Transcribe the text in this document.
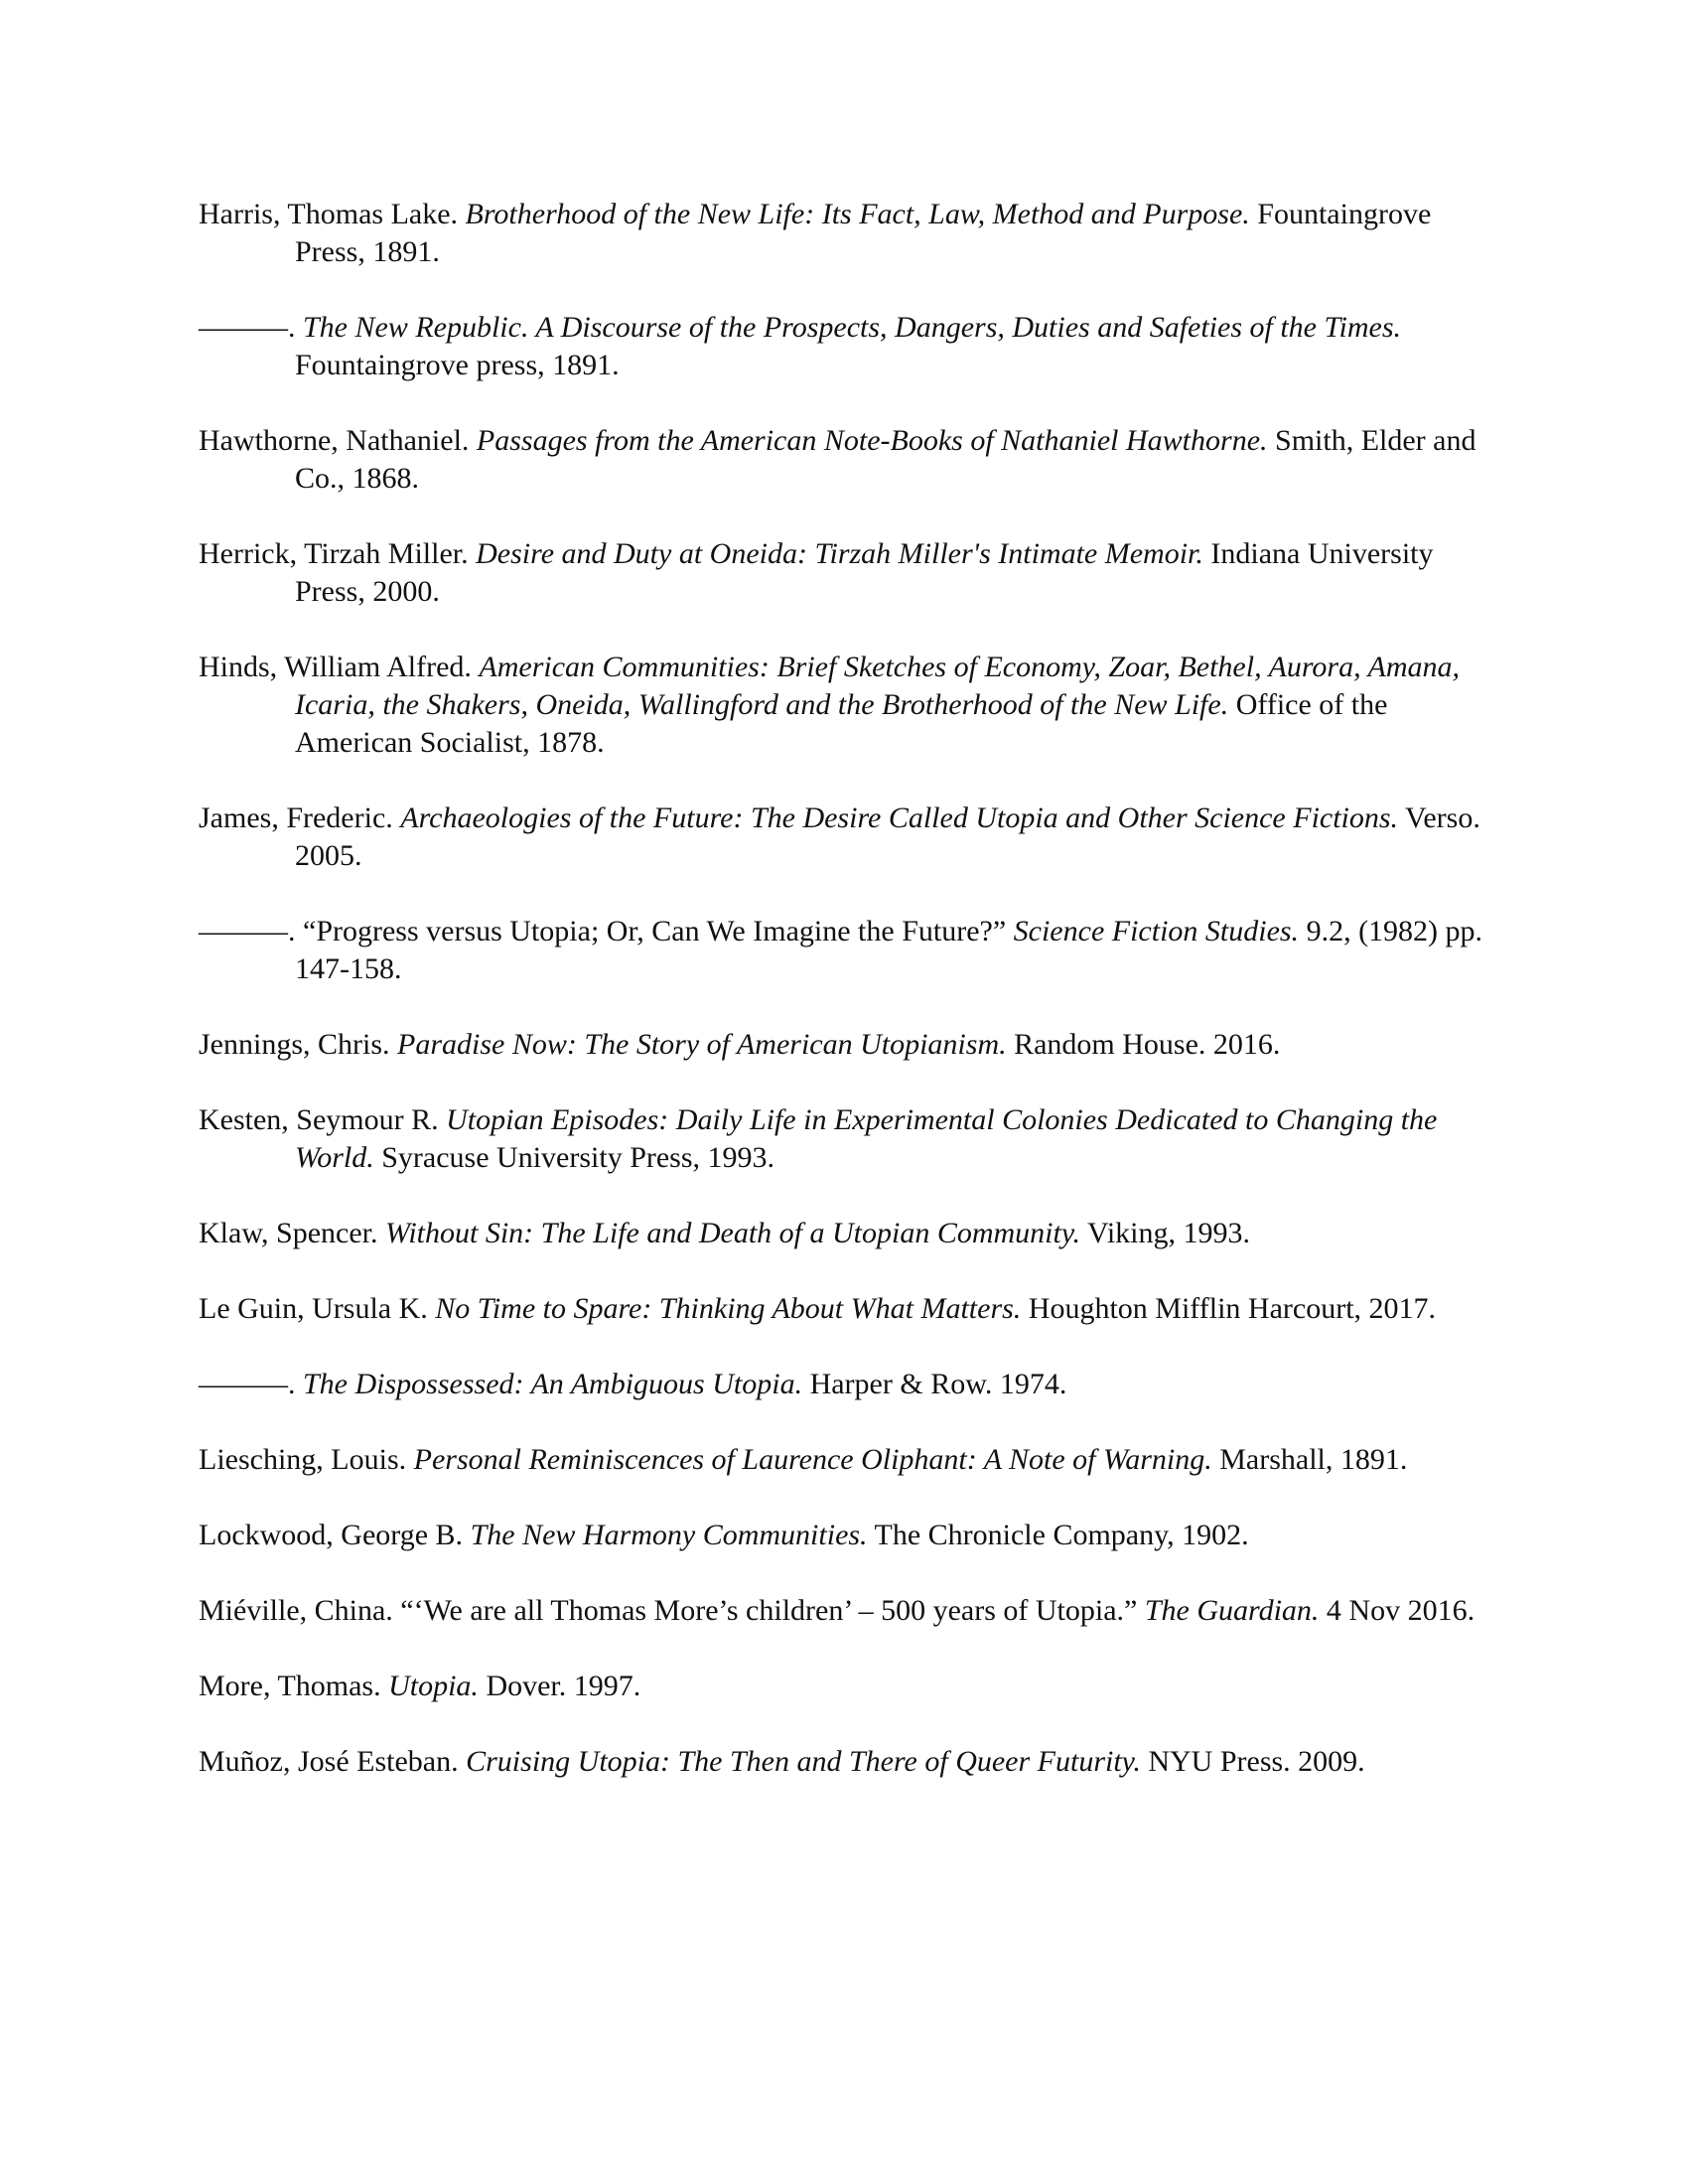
Harris, Thomas Lake. Brotherhood of the New Life: Its Fact, Law, Method and Purpose. Fountaingrove Press, 1891.

———. The New Republic. A Discourse of the Prospects, Dangers, Duties and Safeties of the Times. Fountaingrove press, 1891.

Hawthorne, Nathaniel. Passages from the American Note-Books of Nathaniel Hawthorne. Smith, Elder and Co., 1868.

Herrick, Tirzah Miller. Desire and Duty at Oneida: Tirzah Miller's Intimate Memoir. Indiana University Press, 2000.

Hinds, William Alfred. American Communities: Brief Sketches of Economy, Zoar, Bethel, Aurora, Amana, Icaria, the Shakers, Oneida, Wallingford and the Brotherhood of the New Life. Office of the American Socialist, 1878.

James, Frederic. Archaeologies of the Future: The Desire Called Utopia and Other Science Fictions. Verso. 2005.

———. “Progress versus Utopia; Or, Can We Imagine the Future?” Science Fiction Studies. 9.2, (1982) pp. 147-158.

Jennings, Chris. Paradise Now: The Story of American Utopianism. Random House. 2016.

Kesten, Seymour R. Utopian Episodes: Daily Life in Experimental Colonies Dedicated to Changing the World. Syracuse University Press, 1993.

Klaw, Spencer. Without Sin: The Life and Death of a Utopian Community. Viking, 1993.

Le Guin, Ursula K. No Time to Spare: Thinking About What Matters. Houghton Mifflin Harcourt, 2017.

———. The Dispossessed: An Ambiguous Utopia. Harper & Row. 1974.

Liesching, Louis. Personal Reminiscences of Laurence Oliphant: A Note of Warning. Marshall, 1891.

Lockwood, George B. The New Harmony Communities. The Chronicle Company, 1902.

Miéville, China. “‘We are all Thomas More’s children’ – 500 years of Utopia.” The Guardian. 4 Nov 2016.

More, Thomas. Utopia. Dover. 1997.

Muñoz, José Esteban. Cruising Utopia: The Then and There of Queer Futurity. NYU Press. 2009.
